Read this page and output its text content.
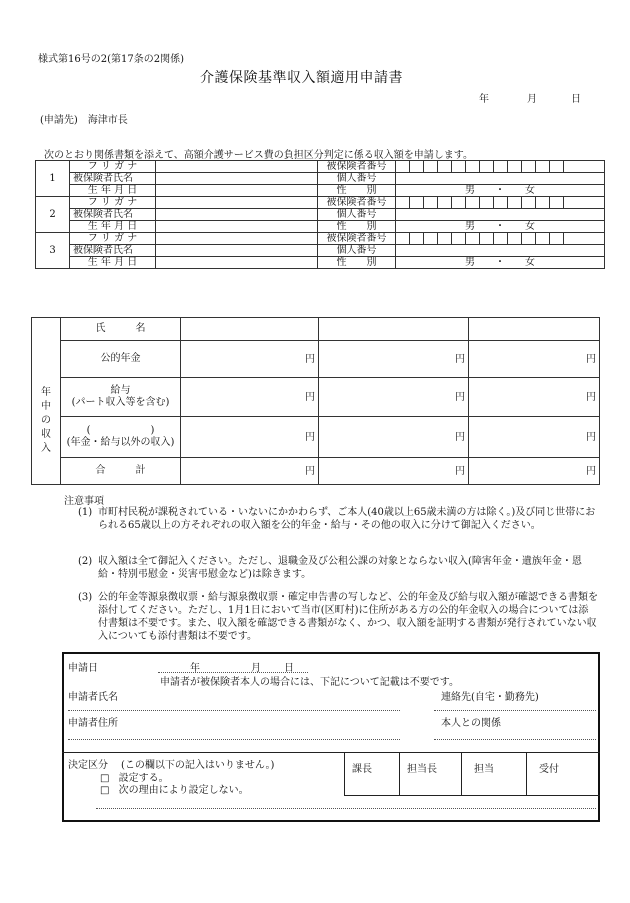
様式第16号の2(第17条の2関係)
介護保険基準収入額適用申請書
年	月	日
(申請先)　海津市長
次のとおり関係書類を添えて、高額介護サービス費の負担区分判定に係る収入額を申請します。
1	フ リ ガ ナ		被保険者番号													
	被保険者氏名		個人番号													
	生 年 月 日		性　　別	男　　・　　女												
2	フ リ ガ ナ		被保険者番号													
	被保険者氏名		個人番号													
	生 年 月 日		性　　別	男　　・　　女												
3	フ リ ガ ナ		被保険者番号													
	被保険者氏名		個人番号													
	生 年 月 日		性　　別	男　　・　　女												
年
中
の
収
入	氏　　　名			
	公的年金	円	円	円
	給与
(パート収入等を含む)	円	円	円
	(　　　　　　)
(年金・給与以外の収入)	円	円	円
	合　　　計	円	円	円
注意事項
(1) 市町村民税が課税されている・いないにかかわらず、ご本人(40歳以上65歳未満の方は除く。)及び同じ世帯におられる65歳以上の方それぞれの収入額を公的年金・給与・その他の収入に分けて御記入ください。
(2) 収入額は全て御記入ください。ただし、退職金及び公租公課の対象とならない収入(障害年金・遺族年金・恩給・特別弔慰金・災害弔慰金など)は除きます。
(3) 公的年金等源泉徴収票・給与源泉徴収票・確定申告書の写しなど、公的年金及び給与収入額が確認できる書類を添付してください。ただし、1月1日において当市(区町村)に住所がある方の公的年金収入の場合については添付書類は不要です。また、収入額を確認できる書類がなく、かつ、収入額を証明する書類が発行されていない収入についても添付書類は不要です。
申請日	年	月 日
申請者が被保険者本人の場合には、下記について記載は不要です。
申請者氏名	連絡先(自宅・勤務先)
申請者住所	本人との関係
決定区分 (この欄以下の記入はいりません。)
□ 設定する。
□ 次の理由により設定しない。
課長	担当長	担当	受付
